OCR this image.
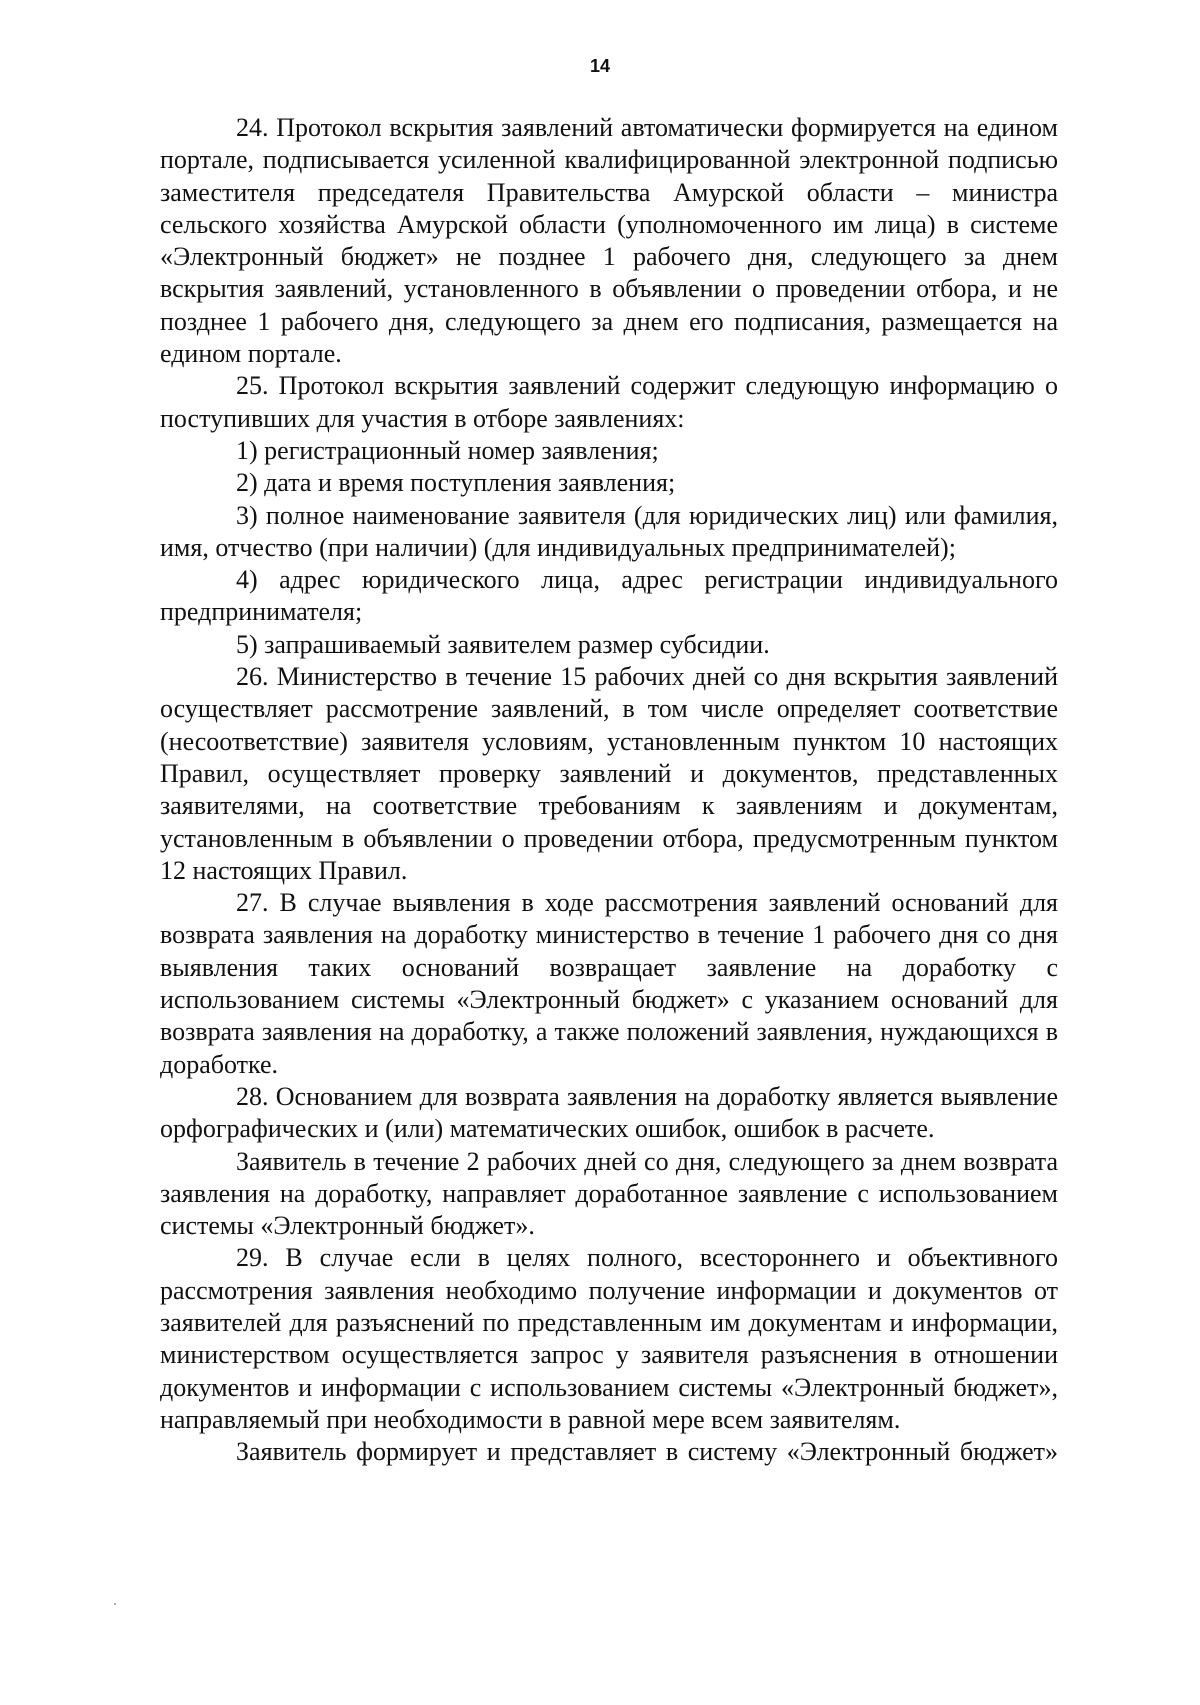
14

24. Протокол вскрытия заявлений автоматически формируется на едином портале, подписывается усиленной квалифицированной электронной подписью заместителя председателя Правительства Амурской области – министра сельского хозяйства Амурской области (уполномоченного им лица) в системе «Электронный бюджет» не позднее 1 рабочего дня, следующего за днем вскрытия заявлений, установленного в объявлении о проведении отбора, и не позднее 1 рабочего дня, следующего за днем его подписания, размещается на едином портале.

25. Протокол вскрытия заявлений содержит следующую информацию о поступивших для участия в отборе заявлениях:

1) регистрационный номер заявления;

2) дата и время поступления заявления;

3) полное наименование заявителя (для юридических лиц) или фамилия, имя, отчество (при наличии) (для индивидуальных предпринимателей);

4) адрес юридического лица, адрес регистрации индивидуального предпринимателя;

5) запрашиваемый заявителем размер субсидии.

26. Министерство в течение 15 рабочих дней со дня вскрытия заявлений осуществляет рассмотрение заявлений, в том числе определяет соответствие (несоответствие) заявителя условиям, установленным пунктом 10 настоящих Правил, осуществляет проверку заявлений и документов, представленных заявителями, на соответствие требованиям к заявлениям и документам, установленным в объявлении о проведении отбора, предусмотренным пунктом 12 настоящих Правил.

27. В случае выявления в ходе рассмотрения заявлений оснований для возврата заявления на доработку министерство в течение 1 рабочего дня со дня выявления таких оснований возвращает заявление на доработку с использованием системы «Электронный бюджет» с указанием оснований для возврата заявления на доработку, а также положений заявления, нуждающихся в доработке.

28. Основанием для возврата заявления на доработку является выявление орфографических и (или) математических ошибок, ошибок в расчете.

Заявитель в течение 2 рабочих дней со дня, следующего за днем возврата заявления на доработку, направляет доработанное заявление с использованием системы «Электронный бюджет».

29. В случае если в целях полного, всестороннего и объективного рассмотрения заявления необходимо получение информации и документов от заявителей для разъяснений по представленным им документам и информации, министерством осуществляется запрос у заявителя разъяснения в отношении документов и информации с использованием системы «Электронный бюджет», направляемый при необходимости в равной мере всем заявителям.

Заявитель формирует и представляет в систему «Электронный бюджет»
